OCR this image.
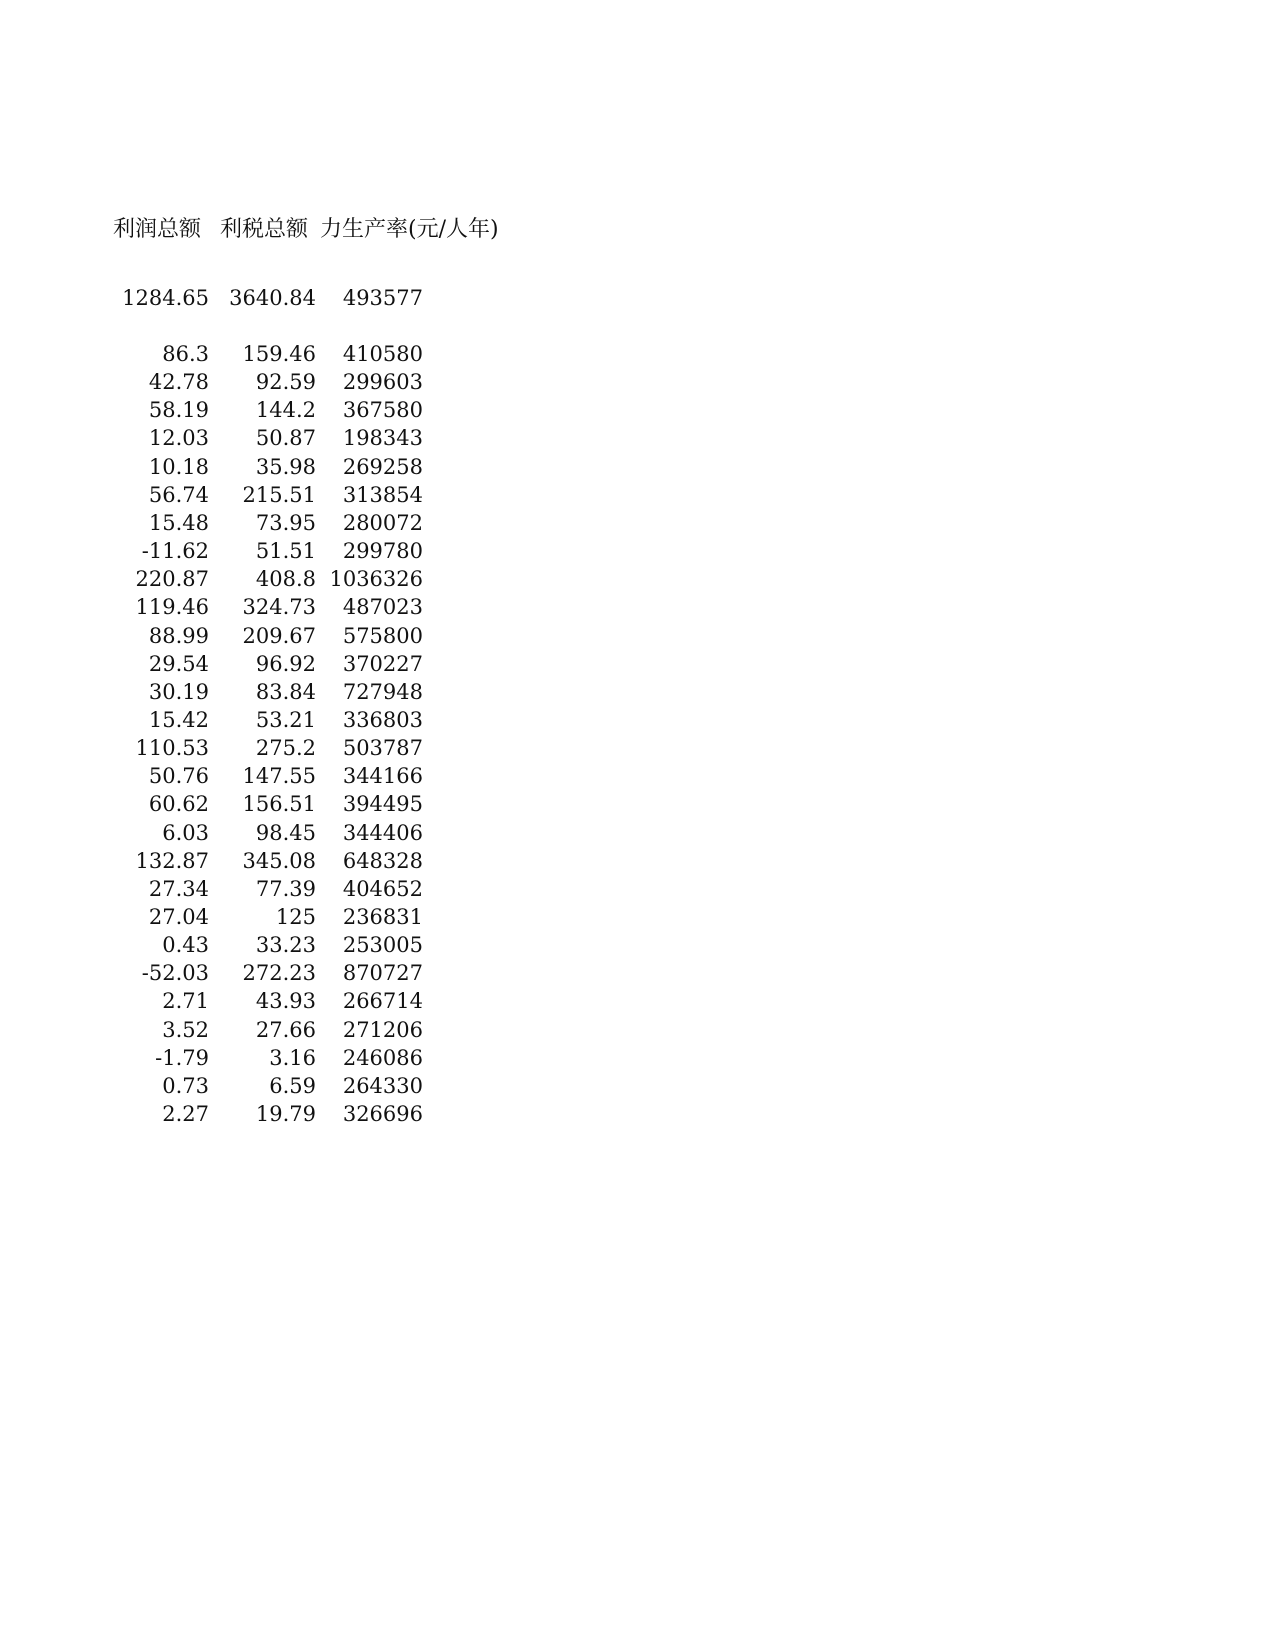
利润总额 利税总额 力生产率(元/人年)
1284.65 3640.84 493577
86.3 159.46 410580
42.78 92.59 299603
58.19 144.2 367580
12.03 50.87 198343
10.18 35.98 269258
56.74 215.51 313854
15.48 73.95 280072
-11.62 51.51 299780
220.87 408.8 1036326
119.46 324.73 487023
88.99 209.67 575800
29.54 96.92 370227
30.19 83.84 727948
15.42 53.21 336803
110.53 275.2 503787
50.76 147.55 344166
60.62 156.51 394495
6.03 98.45 344406
132.87 345.08 648328
27.34 77.39 404652
27.04	125 236831
0.43 33.23 253005
-52.03 272.23 870727
2.71 43.93 266714
3.52 27.66 271206
-1.79	3.16 246086
0.73	6.59 264330
2.27 19.79 326696
